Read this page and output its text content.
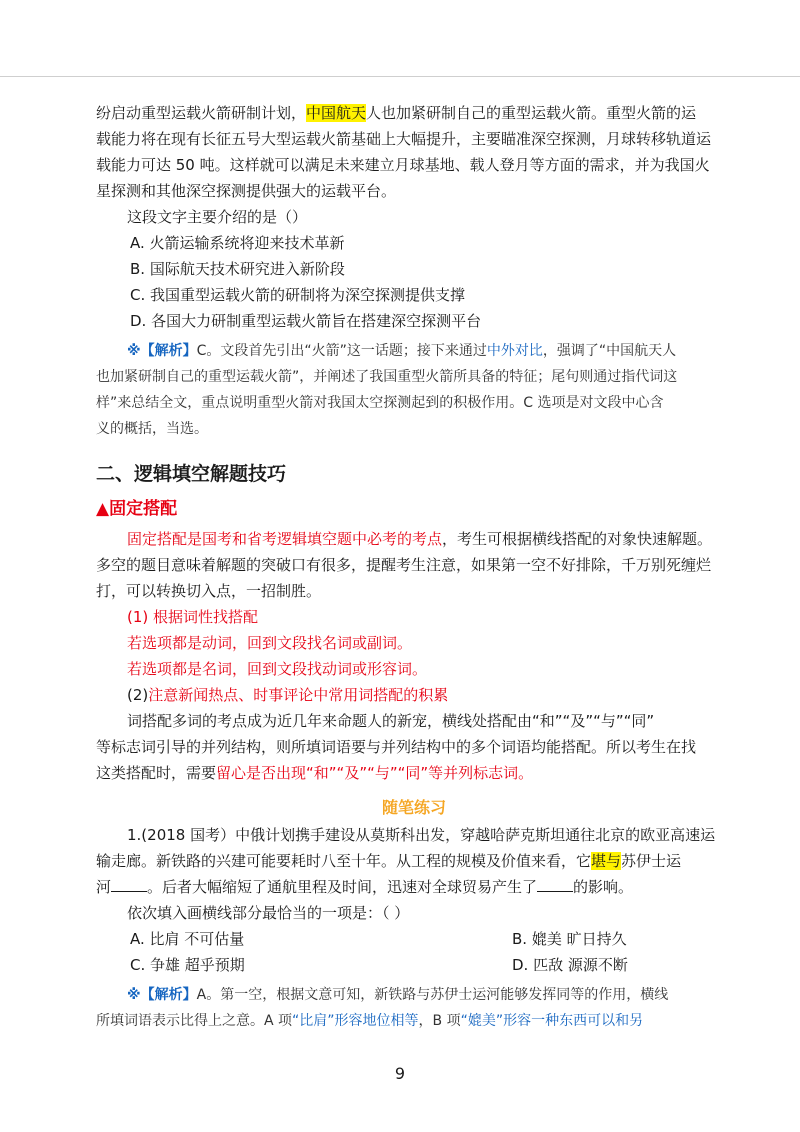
纷启动重型运载火箭研制计划，中国航天人也加紧研制自己的重型运载火箭。重型火箭的运
载能力将在现有长征五号大型运载火箭基础上大幅提升，主要瞄准深空探测，月球转移轨道运
载能力可达 50 吨。这样就可以满足未来建立月球基地、载人登月等方面的需求，并为我国火
星探测和其他深空探测提供强大的运载平台。
这段文字主要介绍的是（）
A. 火箭运输系统将迎来技术革新
B. 国际航天技术研究进入新阶段
C. 我国重型运载火箭的研制将为深空探测提供支撑
D. 各国大力研制重型运载火箭旨在搭建深空探测平台
※【解析】C。文段首先引出“火箭”这一话题；接下来通过中外对比，强调了“中国航天人
也加紧研制自己的重型运载火箭”，并阐述了我国重型火箭所具备的特征；尾句则通过指代词这
样”来总结全文，重点说明重型火箭对我国太空探测起到的积极作用。C 选项是对文段中心含
义的概括，当选。
二、逻辑填空解题技巧
▲固定搭配
固定搭配是国考和省考逻辑填空题中必考的考点，考生可根据横线搭配的对象快速解题。
多空的题目意味着解题的突破口有很多，提醒考生注意，如果第一空不好排除，千万别死缠烂
打，可以转换切入点，一招制胜。
(1) 根据词性找搭配
若选项都是动词，回到文段找名词或副词。
若选项都是名词，回到文段找动词或形容词。
(2)注意新闻热点、时事评论中常用词搭配的积累
词搭配多词的考点成为近几年来命题人的新宠，横线处搭配由“和”“及”“与”“同”
等标志词引导的并列结构，则所填词语要与并列结构中的多个词语均能搭配。所以考生在找
这类搭配时，需要留心是否出现“和”“及”“与”“同”等并列标志词。
随笔练习
1.(2018 国考）中俄计划携手建设从莫斯科出发，穿越哈萨克斯坦通往北京的欧亚高速运
输走廊。新铁路的兴建可能要耗时八至十年。从工程的规模及价值来看，它堪与苏伊士运
河 。后者大幅缩短了通航里程及时间，迅速对全球贸易产生了 的影响。
依次填入画横线部分最恰当的一项是：（ ）
A. 比肩 不可估量	B. 媲美 旷日持久
C. 争雄 超乎预期	D. 匹敌 源源不断
※【解析】A。第一空，根据文意可知，新铁路与苏伊士运河能够发挥同等的作用，横线
所填词语表示比得上之意。A 项“比肩”形容地位相等，B 项“媲美”形容一种东西可以和另
9
